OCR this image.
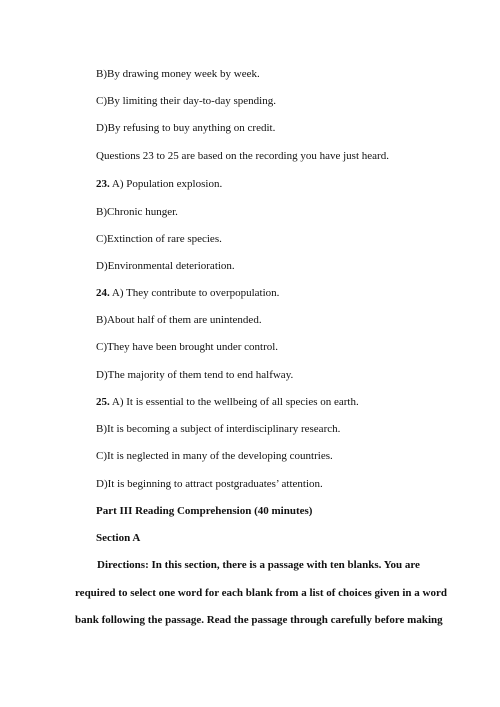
B)By drawing money week by week.
C)By limiting their day-to-day spending.
D)By refusing to buy anything on credit.
Questions 23 to 25 are based on the recording you have just heard.
23. A) Population explosion.
B)Chronic hunger.
C)Extinction of rare species.
D)Environmental deterioration.
24. A) They contribute to overpopulation.
B)About half of them are unintended.
C)They have been brought under control.
D)The majority of them tend to end halfway.
25. A) It is essential to the wellbeing of all species on earth.
B)It is becoming a subject of interdisciplinary research.
C)It is neglected in many of the developing countries.
D)It is beginning to attract postgraduates’ attention.
Part III Reading Comprehension (40 minutes)
Section A
Directions: In this section, there is a passage with ten blanks. You are
required to select one word for each blank from a list of choices given in a word
bank following the passage. Read the passage through carefully before making
